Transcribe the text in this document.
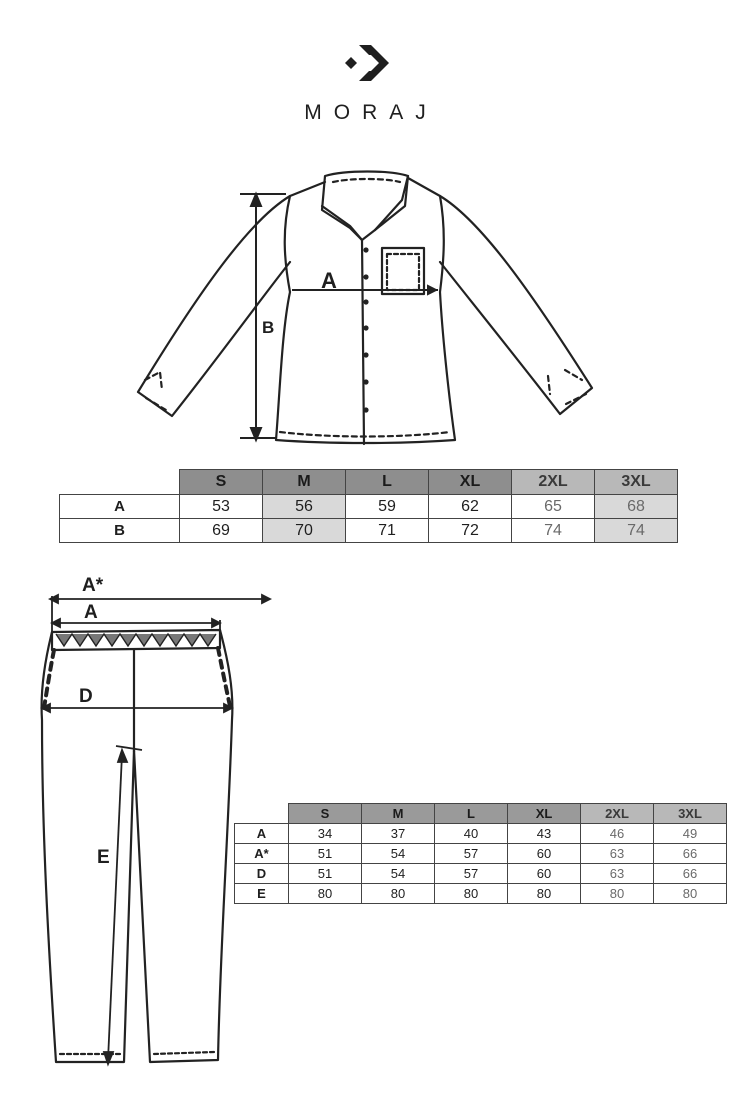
MORAJ
A
B
	S	M	L	XL	2XL	3XL
A	53	56	59	62	65	68
B	69	70	71	72	74	74
A*
A
D
E
	S	M	L	XL	2XL	3XL
A	34	37	40	43	46	49
A*	51	54	57	60	63	66
D	51	54	57	60	63	66
E	80	80	80	80	80	80
